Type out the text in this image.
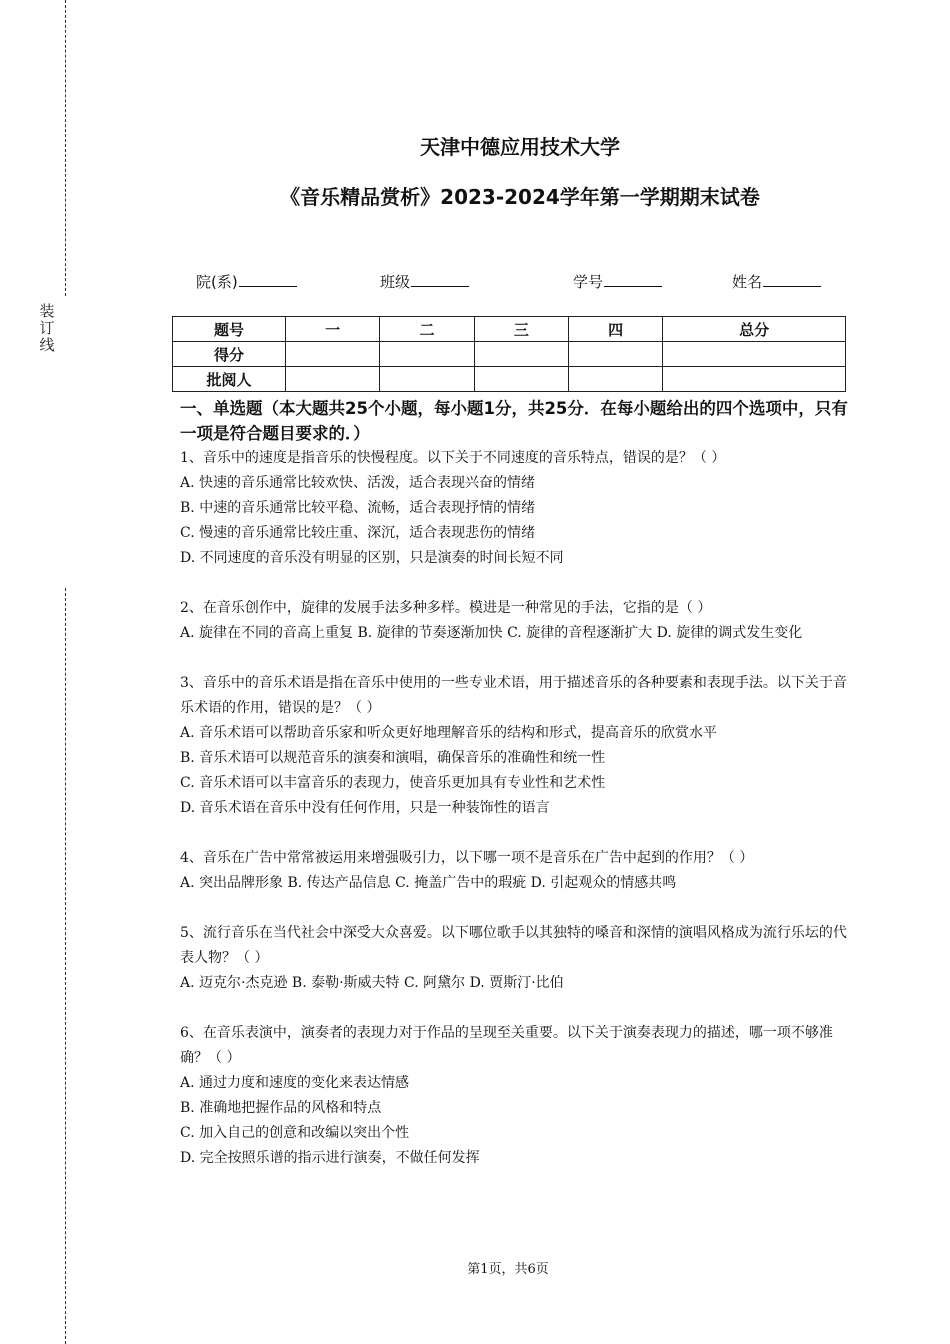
装
订
线
天津中德应用技术大学
《音乐精品赏析》2023-2024学年第一学期期末试卷
院(系)	班级	学号	姓名
题号	一	二	三	四	总分
得分					
批阅人					
一、单选题（本大题共25个小题，每小题1分，共25分．在每小题给出的四个选项中，只有一项是符合题目要求的．）

1、音乐中的速度是指音乐的快慢程度。以下关于不同速度的音乐特点，错误的是？（ ）

A. 快速的音乐通常比较欢快、活泼，适合表现兴奋的情绪

B. 中速的音乐通常比较平稳、流畅，适合表现抒情的情绪

C. 慢速的音乐通常比较庄重、深沉，适合表现悲伤的情绪

D. 不同速度的音乐没有明显的区别，只是演奏的时间长短不同

2、在音乐创作中，旋律的发展手法多种多样。模进是一种常见的手法，它指的是（ ）

A. 旋律在不同的音高上重复 B. 旋律的节奏逐渐加快 C. 旋律的音程逐渐扩大 D. 旋律的调式发生变化

3、音乐中的音乐术语是指在音乐中使用的一些专业术语，用于描述音乐的各种要素和表现手法。以下关于音乐术语的作用，错误的是？（ ）

A. 音乐术语可以帮助音乐家和听众更好地理解音乐的结构和形式，提高音乐的欣赏水平

B. 音乐术语可以规范音乐的演奏和演唱，确保音乐的准确性和统一性

C. 音乐术语可以丰富音乐的表现力，使音乐更加具有专业性和艺术性

D. 音乐术语在音乐中没有任何作用，只是一种装饰性的语言

4、音乐在广告中常常被运用来增强吸引力，以下哪一项不是音乐在广告中起到的作用？（ ）

A. 突出品牌形象 B. 传达产品信息 C. 掩盖广告中的瑕疵 D. 引起观众的情感共鸣

5、流行音乐在当代社会中深受大众喜爱。以下哪位歌手以其独特的嗓音和深情的演唱风格成为流行乐坛的代表人物？（ ）

A. 迈克尔·杰克逊 B. 泰勒·斯威夫特 C. 阿黛尔 D. 贾斯汀·比伯

6、在音乐表演中，演奏者的表现力对于作品的呈现至关重要。以下关于演奏表现力的描述，哪一项不够准确？（ ）

A. 通过力度和速度的变化来表达情感

B. 准确地把握作品的风格和特点

C. 加入自己的创意和改编以突出个性

D. 完全按照乐谱的指示进行演奏，不做任何发挥

第1页，共6页
